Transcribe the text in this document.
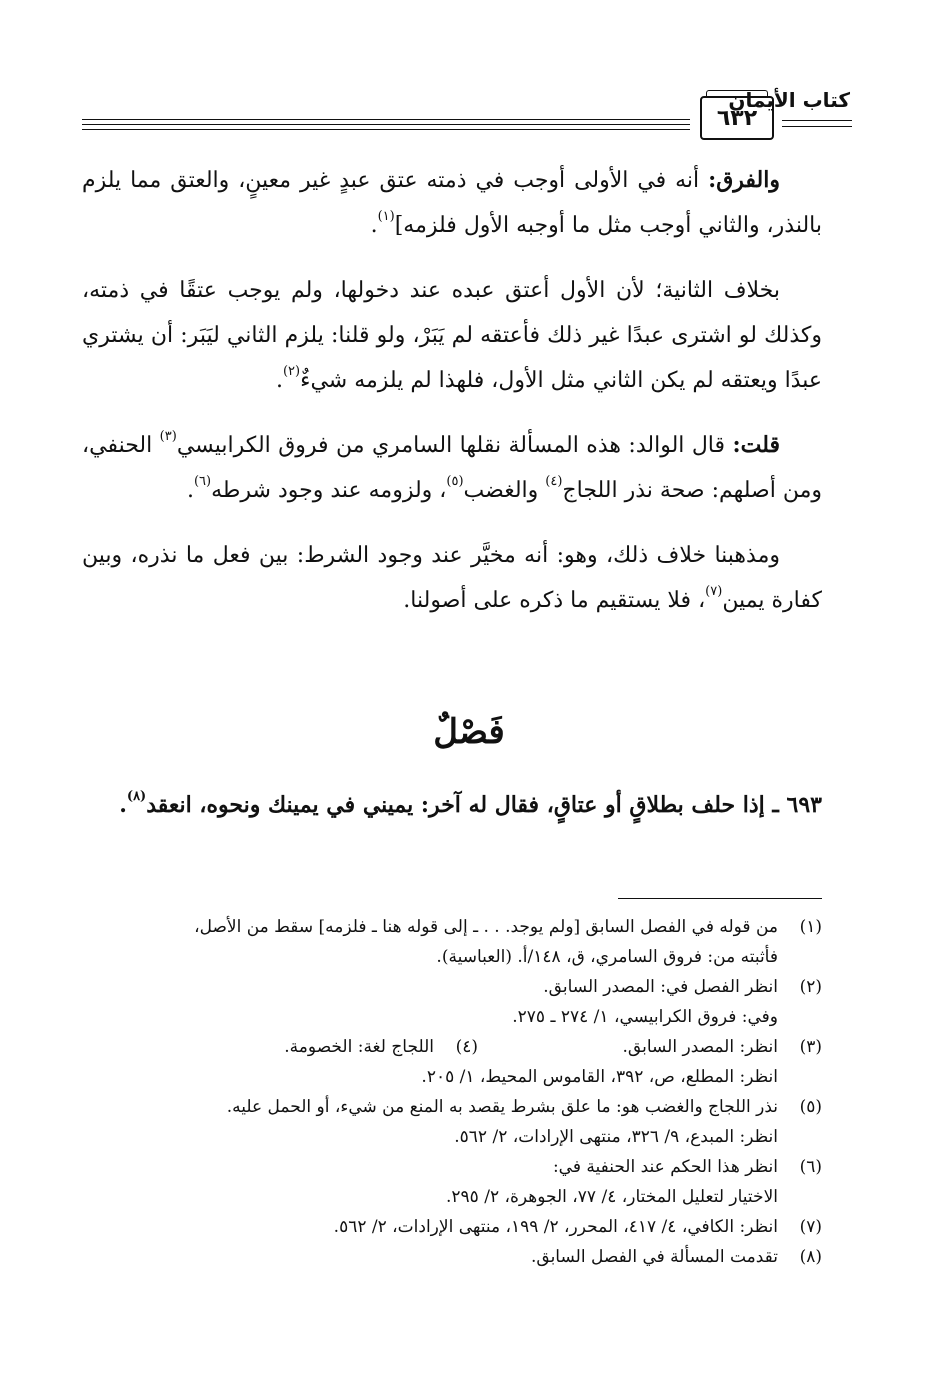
٦٣٢
كتاب الأيمان

والفرق: أنه في الأولى أوجب في ذمته عتق عبدٍ غير معينٍ، والعتق مما يلزم بالنذر، والثاني أوجب مثل ما أوجبه الأول فلزمه]$^{(١)}$.

بخلاف الثانية؛ لأن الأول أعتق عبده عند دخولها، ولم يوجب عتقًا في ذمته، وكذلك لو اشترى عبدًا غير ذلك فأعتقه لم يَبَرْ، ولو قلنا: يلزم الثاني ليَبَر: أن يشتري عبدًا ويعتقه لم يكن الثاني مثل الأول، فلهذا لم يلزمه شيءٌ$^{(٢)}$.

قلت: قال الوالد: هذه المسألة نقلها السامري من فروق الكرابيسي$^{(٣)}$ الحنفي، ومن أصلهم: صحة نذر اللجاج$^{(٤)}$ والغضب$^{(٥)}$، ولزومه عند وجود شرطه$^{(٦)}$.

ومذهبنا خلاف ذلك، وهو: أنه مخيَّر عند وجود الشرط: بين فعل ما نذره، وبين كفارة يمين$^{(٧)}$، فلا يستقيم ما ذكره على أصولنا.

فَصْلٌ
٦٩٣ ـ إذا حلف بطلاقٍ أو عتاقٍ، فقال له آخر: يميني في يمينك ونحوه، انعقد$^{(٨)}$.
(١)
من قوله في الفصل السابق [ولم يوجد. . . ـ إلى قوله هنا ـ فلزمه] سقط من الأصل،
فأثبته من: فروق السامري، ق، ١٤٨/أ. (العباسية).
(٢)
انظر الفصل في: المصدر السابق.
وفي: فروق الكرابيسي، ١/ ٢٧٤ ـ ٢٧٥.
(٣)
انظر: المصدر السابق.
(٤)
اللجاج لغة: الخصومة.
انظر: المطلع، ص، ٣٩٢، القاموس المحيط، ١/ ٢٠٥.
(٥)
نذر اللجاج والغضب هو: ما علق بشرط يقصد به المنع من شيء، أو الحمل عليه.
انظر: المبدع، ٩/ ٣٢٦، منتهى الإرادات، ٢/ ٥٦٢.
(٦)
انظر هذا الحكم عند الحنفية في:
الاختيار لتعليل المختار، ٤/ ٧٧، الجوهرة، ٢/ ٢٩٥.
(٧)
انظر: الكافي، ٤/ ٤١٧، المحرر، ٢/ ١٩٩، منتهى الإرادات، ٢/ ٥٦٢.
(٨)
تقدمت المسألة في الفصل السابق.
